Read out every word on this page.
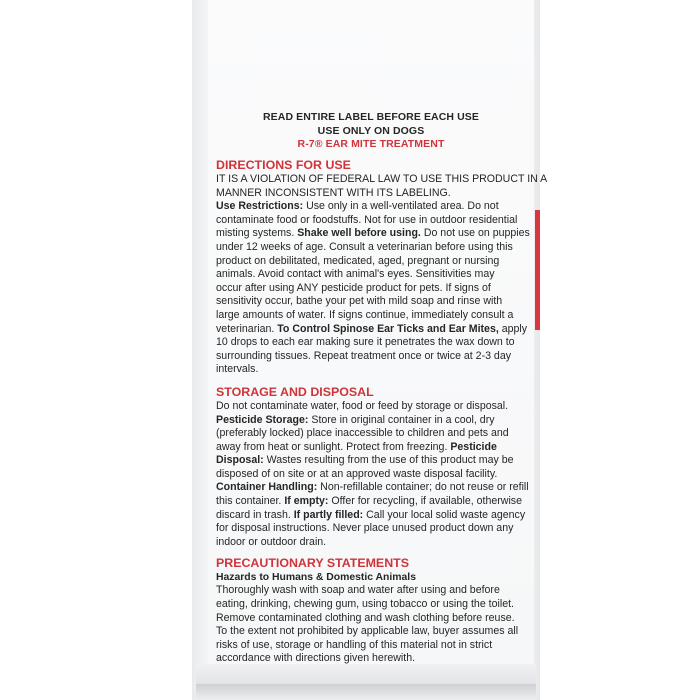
READ ENTIRE LABEL BEFORE EACH USE
USE ONLY ON DOGS
R-7® EAR MITE TREATMENT
DIRECTIONS FOR USE
IT IS A VIOLATION OF FEDERAL LAW TO USE THIS PRODUCT IN A
MANNER INCONSISTENT WITH ITS LABELING.
Use Restrictions: Use only in a well-ventilated area. Do not
contaminate food or foodstuffs. Not for use in outdoor residential
misting systems. Shake well before using. Do not use on puppies
under 12 weeks of age. Consult a veterinarian before using this
product on debilitated, medicated, aged, pregnant or nursing
animals. Avoid contact with animal's eyes. Sensitivities may
occur after using ANY pesticide product for pets. If signs of
sensitivity occur, bathe your pet with mild soap and rinse with
large amounts of water. If signs continue, immediately consult a
veterinarian. To Control Spinose Ear Ticks and Ear Mites, apply
10 drops to each ear making sure it penetrates the wax down to
surrounding tissues. Repeat treatment once or twice at 2-3 day
intervals.
STORAGE AND DISPOSAL
Do not contaminate water, food or feed by storage or disposal.
Pesticide Storage: Store in original container in a cool, dry
(preferably locked) place inaccessible to children and pets and
away from heat or sunlight. Protect from freezing. Pesticide
Disposal: Wastes resulting from the use of this product may be
disposed of on site or at an approved waste disposal facility.
Container Handling: Non-refillable container; do not reuse or refill
this container. If empty: Offer for recycling, if available, otherwise
discard in trash. If partly filled: Call your local solid waste agency
for disposal instructions. Never place unused product down any
indoor or outdoor drain.
PRECAUTIONARY STATEMENTS
Hazards to Humans & Domestic Animals
Thoroughly wash with soap and water after using and before
eating, drinking, chewing gum, using tobacco or using the toilet.
Remove contaminated clothing and wash clothing before reuse.
To the extent not prohibited by applicable law, buyer assumes all
risks of use, storage or handling of this material not in strict
accordance with directions given herewith.
